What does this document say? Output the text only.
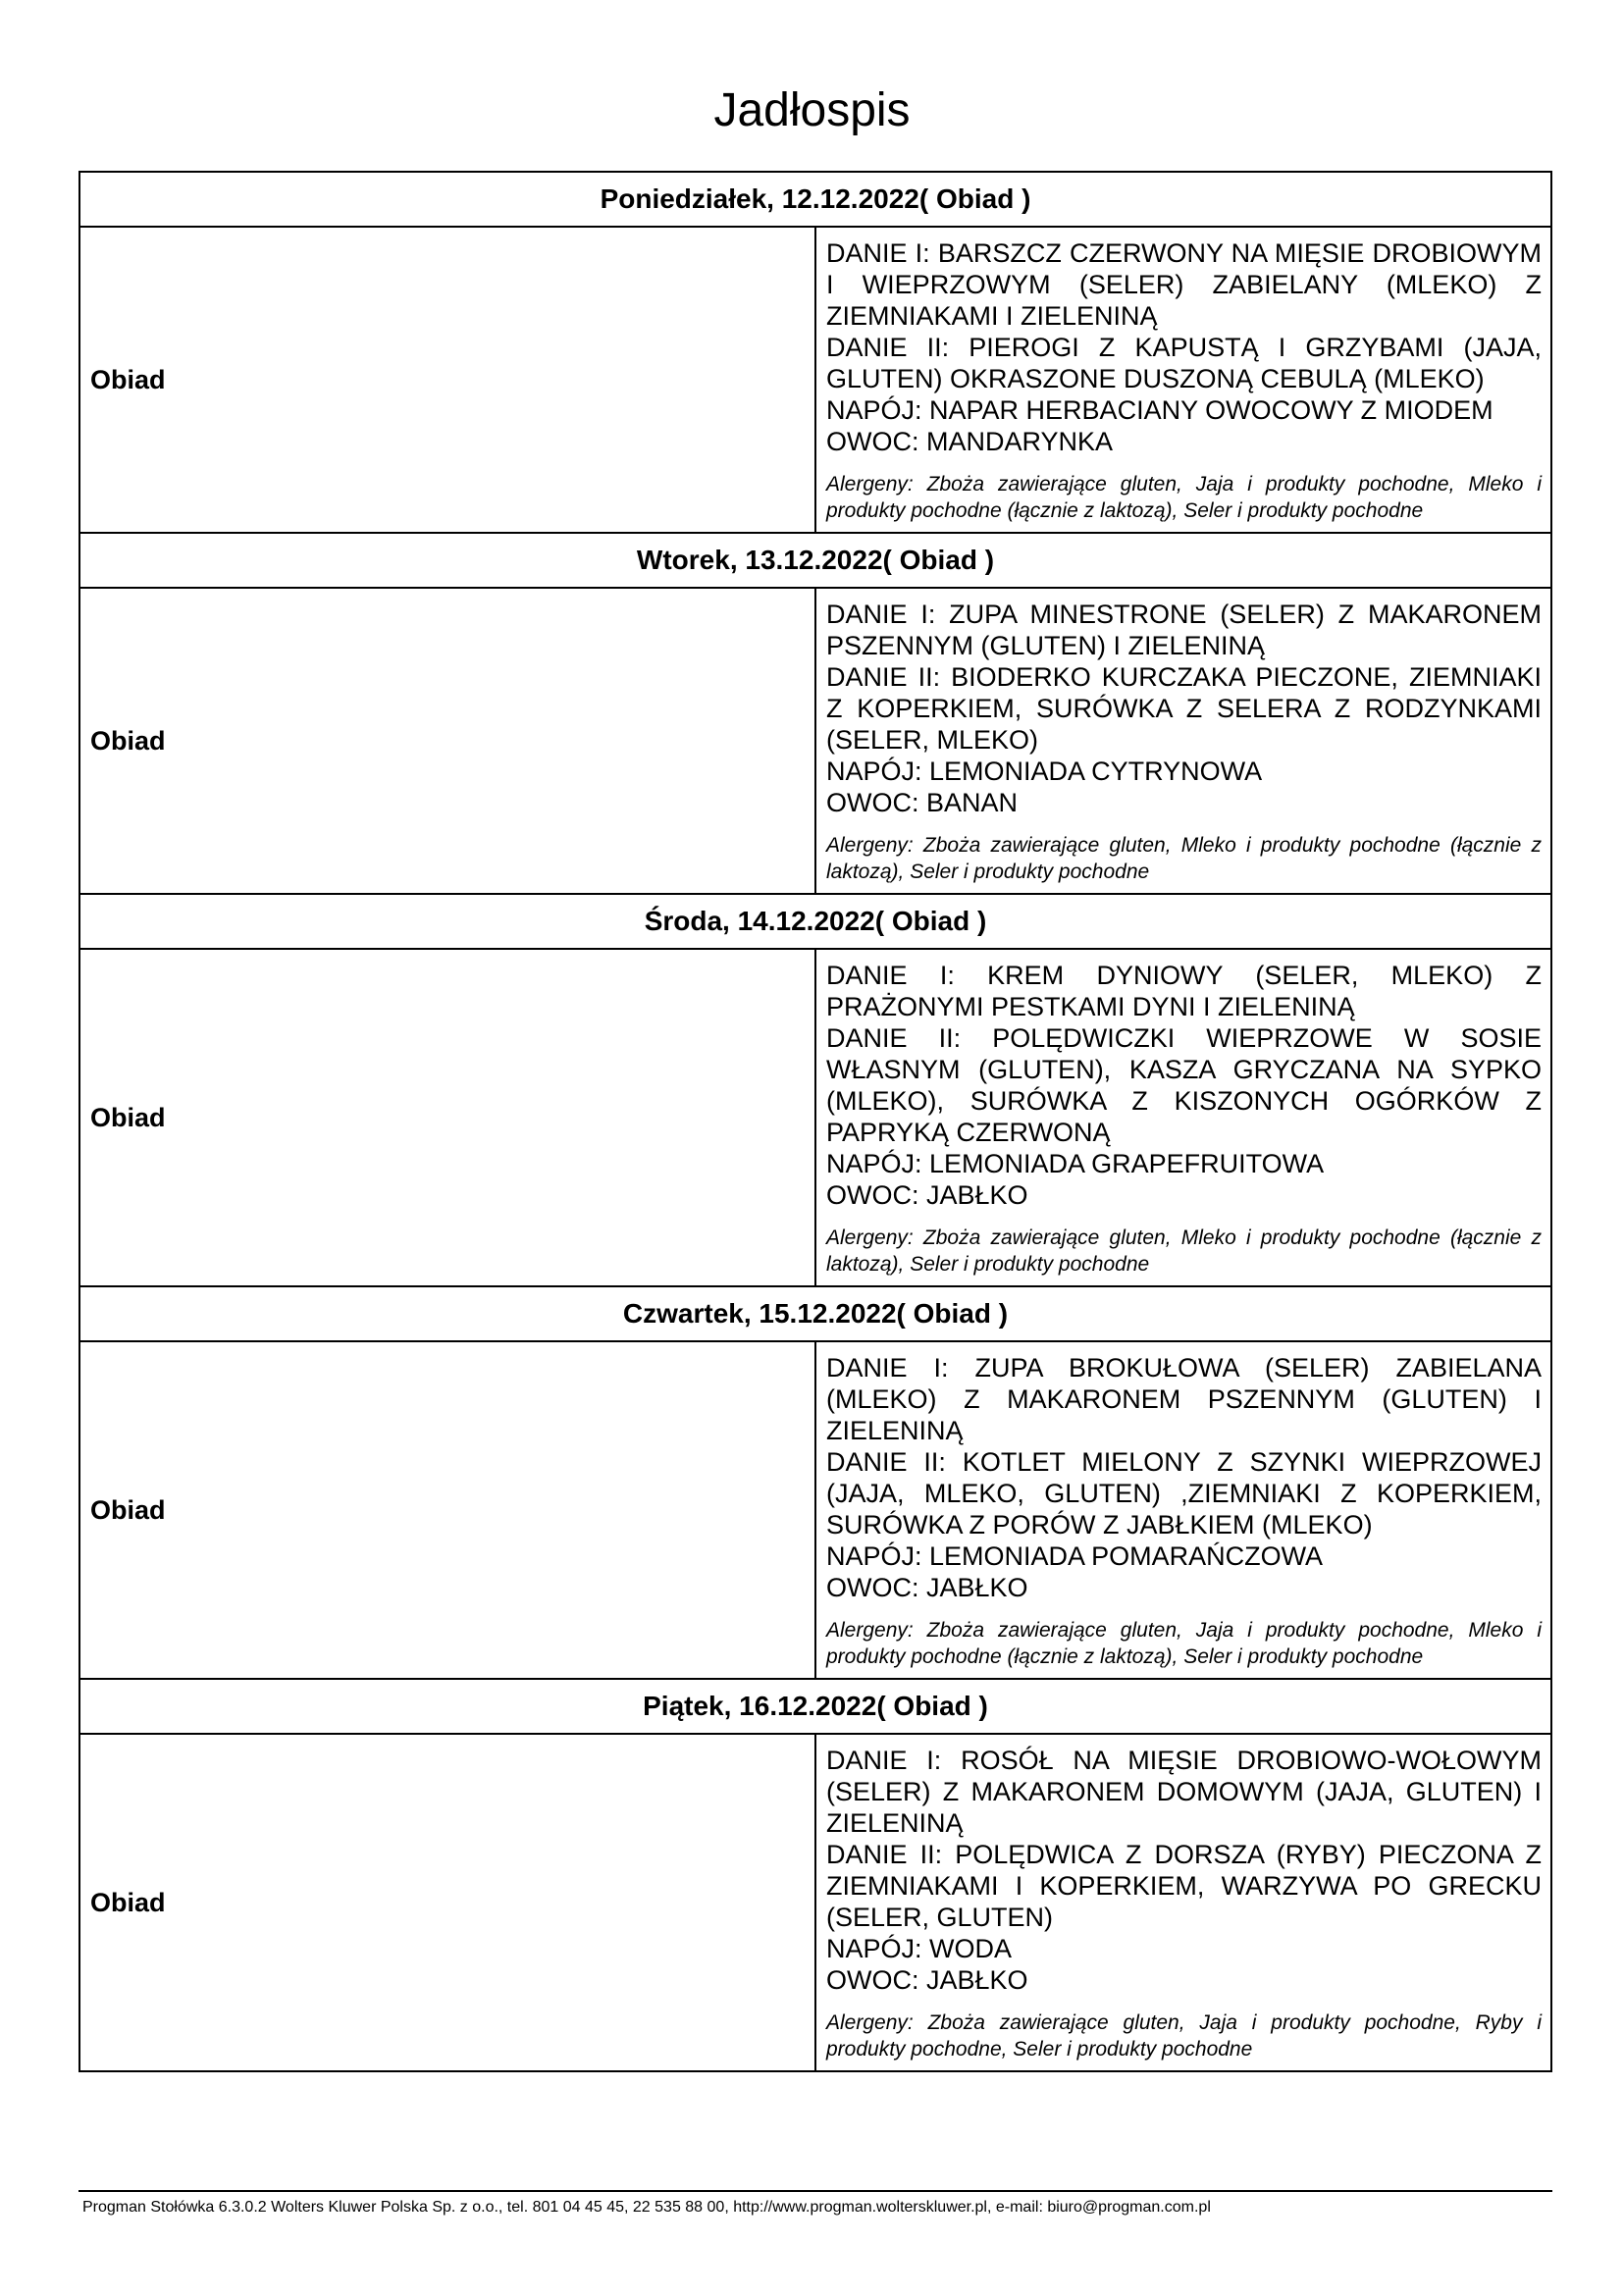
Jadłospis
Poniedziałek, 12.12.2022( Obiad )	
Obiad	DANIE I: BARSZCZ CZERWONY NA MIĘSIE DROBIOWYM I WIEPRZOWYM (SELER) ZABIELANY (MLEKO) Z ZIEMNIAKAMI I ZIELENINĄ
DANIE II: PIEROGI Z KAPUSTĄ I GRZYBAMI (JAJA, GLUTEN) OKRASZONE DUSZONĄ CEBULĄ (MLEKO)
NAPÓJ: NAPAR HERBACIANY OWOCOWY Z MIODEM
OWOC: MANDARYNKA
Alergeny: Zboża zawierające gluten, Jaja i produkty pochodne, Mleko i produkty pochodne (łącznie z laktozą), Seler i produkty pochodne

Wtorek, 13.12.2022( Obiad )	
Obiad	DANIE I: ZUPA MINESTRONE (SELER) Z MAKARONEM PSZENNYM (GLUTEN) I ZIELENINĄ
DANIE II: BIODERKO KURCZAKA PIECZONE, ZIEMNIAKI Z KOPERKIEM, SURÓWKA Z SELERA Z RODZYNKAMI (SELER, MLEKO)
NAPÓJ: LEMONIADA CYTRYNOWA
OWOC: BANAN
Alergeny: Zboża zawierające gluten, Mleko i produkty pochodne (łącznie z laktozą), Seler i produkty pochodne

Środa, 14.12.2022( Obiad )	
Obiad	DANIE I: KREM DYNIOWY (SELER, MLEKO) Z PRAŻONYMI PESTKAMI DYNI I ZIELENINĄ
DANIE II: POLĘDWICZKI WIEPRZOWE W SOSIE WŁASNYM (GLUTEN), KASZA GRYCZANA NA SYPKO (MLEKO), SURÓWKA Z KISZONYCH OGÓRKÓW Z PAPRYKĄ CZERWONĄ
NAPÓJ: LEMONIADA GRAPEFRUITOWA
OWOC: JABŁKO
Alergeny: Zboża zawierające gluten, Mleko i produkty pochodne (łącznie z laktozą), Seler i produkty pochodne

Czwartek, 15.12.2022( Obiad )	
Obiad	DANIE I: ZUPA BROKUŁOWA (SELER) ZABIELANA (MLEKO) Z MAKARONEM PSZENNYM (GLUTEN) I ZIELENINĄ
DANIE II: KOTLET MIELONY Z SZYNKI WIEPRZOWEJ (JAJA, MLEKO, GLUTEN) ,ZIEMNIAKI Z KOPERKIEM, SURÓWKA Z PORÓW Z JABŁKIEM (MLEKO)
NAPÓJ: LEMONIADA POMARAŃCZOWA
OWOC: JABŁKO
Alergeny: Zboża zawierające gluten, Jaja i produkty pochodne, Mleko i produkty pochodne (łącznie z laktozą), Seler i produkty pochodne

Piątek, 16.12.2022( Obiad )	
Obiad	DANIE I: ROSÓŁ NA MIĘSIE DROBIOWO-WOŁOWYM (SELER) Z MAKARONEM DOMOWYM (JAJA, GLUTEN) I ZIELENINĄ
DANIE II: POLĘDWICA Z DORSZA (RYBY) PIECZONA Z ZIEMNIAKAMI I KOPERKIEM, WARZYWA PO GRECKU (SELER, GLUTEN)
NAPÓJ: WODA
OWOC: JABŁKO
Alergeny: Zboża zawierające gluten, Jaja i produkty pochodne, Ryby i produkty pochodne, Seler i produkty pochodne
Progman Stołówka 6.3.0.2 Wolters Kluwer Polska Sp. z o.o., tel. 801 04 45 45, 22 535 88 00, http://www.progman.wolterskluwer.pl, e-mail: biuro@progman.com.pl
